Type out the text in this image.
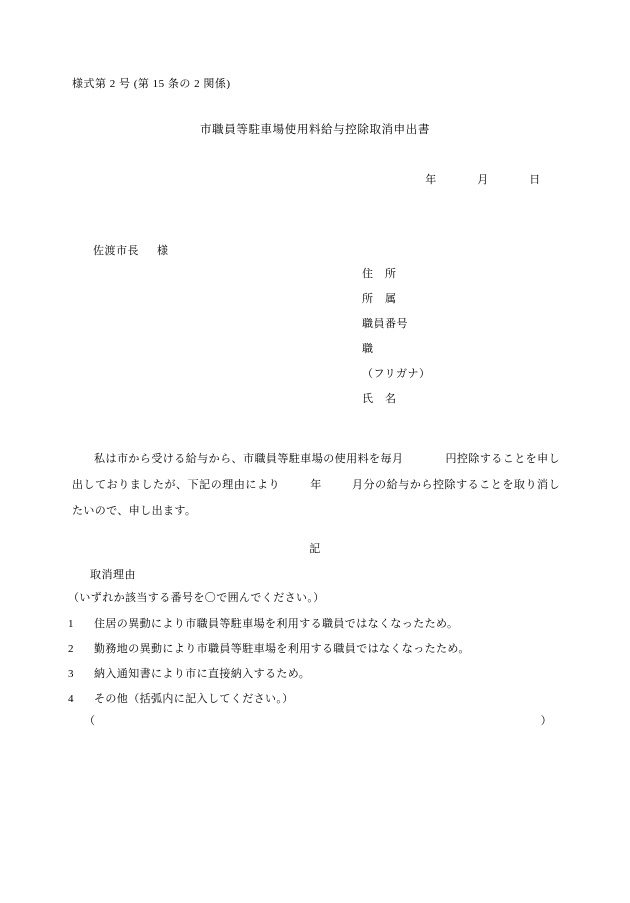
様式第 2 号 (第 15 条の 2 関係)
市職員等駐車場使用料給与控除取消申出書
年	月	日
佐渡市長 様
住　所
所　属
職員番号
職
（フリガナ）
氏　名
私は市から受ける給与から、市職員等駐車場の使用料を毎月	円控除することを申し出しておりましたが、下記の理由により	年	月分の給与から控除することを取り消したいので、申し出ます。
記
取消理由
（いずれか該当する番号を〇で囲んでください。）
1 住居の異動により市職員等駐車場を利用する職員ではなくなったため。
2 勤務地の異動により市職員等駐車場を利用する職員ではなくなったため。
3 納入通知書により市に直接納入するため。
4 その他（括弧内に記入してください。）
（	）
